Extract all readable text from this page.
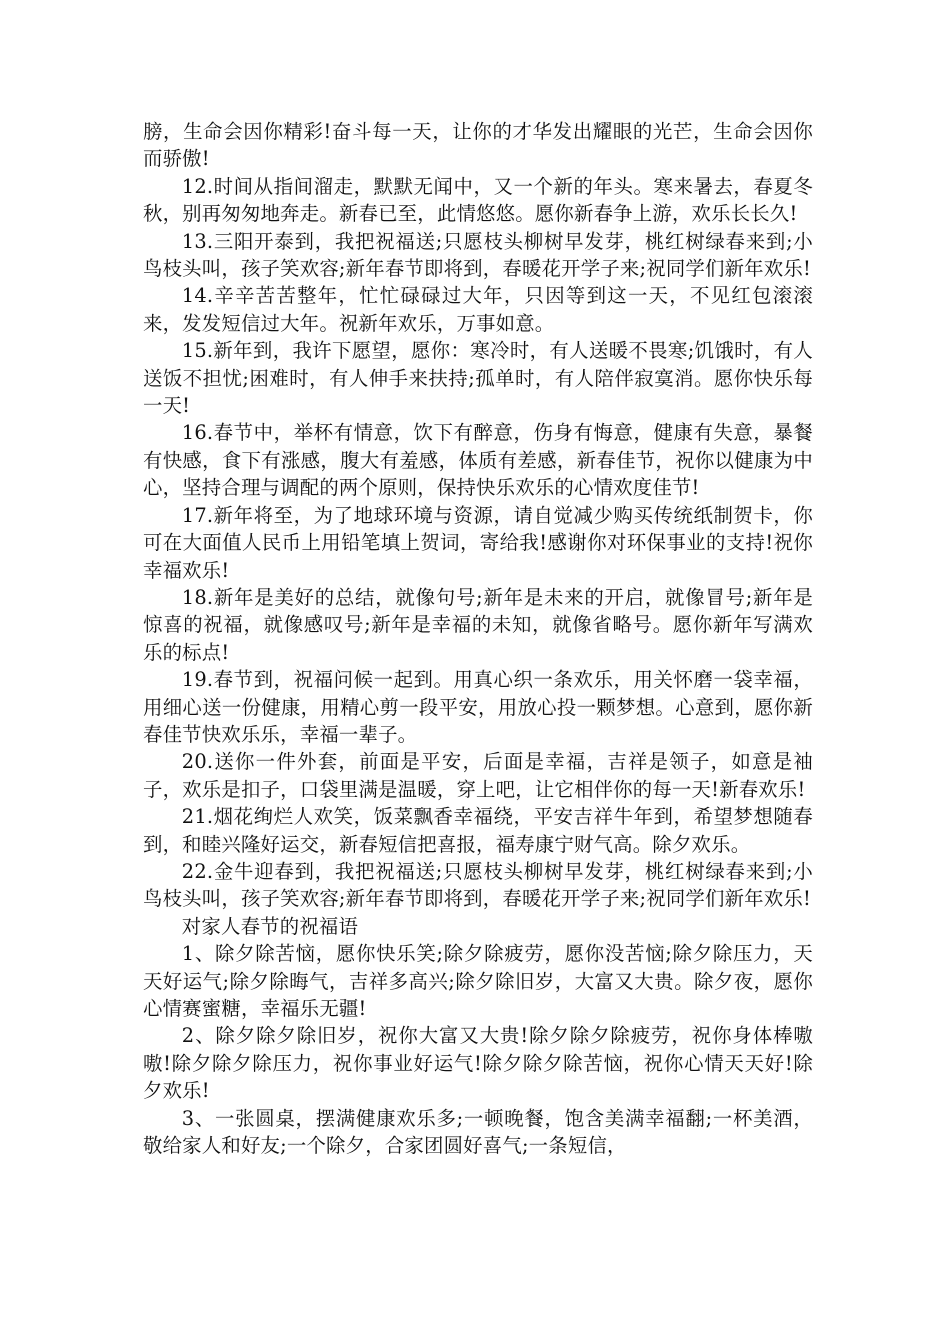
膀，生命会因你精彩!奋斗每一天，让你的才华发出耀眼的光芒，生命会因你而骄傲!

12.时间从指间溜走，默默无闻中，又一个新的年头。寒来暑去，春夏冬秋，别再匆匆地奔走。新春已至，此情悠悠。愿你新春争上游，欢乐长长久!

13.三阳开泰到，我把祝福送;只愿枝头柳树早发芽，桃红树绿春来到;小鸟枝头叫，孩子笑欢容;新年春节即将到，春暖花开学子来;祝同学们新年欢乐!

14.辛辛苦苦整年，忙忙碌碌过大年，只因等到这一天，不见红包滚滚来，发发短信过大年。祝新年欢乐，万事如意。

15.新年到，我许下愿望，愿你：寒冷时，有人送暖不畏寒;饥饿时，有人送饭不担忧;困难时，有人伸手来扶持;孤单时，有人陪伴寂寞消。愿你快乐每一天!

16.春节中，举杯有情意，饮下有醉意，伤身有悔意，健康有失意，暴餐有快感，食下有涨感，腹大有羞感，体质有差感，新春佳节，祝你以健康为中心，坚持合理与调配的两个原则，保持快乐欢乐的心情欢度佳节!

17.新年将至，为了地球环境与资源，请自觉减少购买传统纸制贺卡，你可在大面值人民币上用铅笔填上贺词，寄给我!感谢你对环保事业的支持!祝你幸福欢乐!

18.新年是美好的总结，就像句号;新年是未来的开启，就像冒号;新年是惊喜的祝福，就像感叹号;新年是幸福的未知，就像省略号。愿你新年写满欢乐的标点!

19.春节到，祝福问候一起到。用真心织一条欢乐，用关怀磨一袋幸福，用细心送一份健康，用精心剪一段平安，用放心投一颗梦想。心意到，愿你新春佳节快欢乐乐，幸福一辈子。

20.送你一件外套，前面是平安，后面是幸福，吉祥是领子，如意是袖子，欢乐是扣子，口袋里满是温暖，穿上吧，让它相伴你的每一天!新春欢乐!

21.烟花绚烂人欢笑，饭菜飘香幸福绕，平安吉祥牛年到，希望梦想随春到，和睦兴隆好运交，新春短信把喜报，福寿康宁财气高。除夕欢乐。

22.金牛迎春到，我把祝福送;只愿枝头柳树早发芽，桃红树绿春来到;小鸟枝头叫，孩子笑欢容;新年春节即将到，春暖花开学子来;祝同学们新年欢乐!

对家人春节的祝福语

1、除夕除苦恼，愿你快乐笑;除夕除疲劳，愿你没苦恼;除夕除压力，天天好运气;除夕除晦气，吉祥多高兴;除夕除旧岁，大富又大贵。除夕夜，愿你心情赛蜜糖，幸福乐无疆!

2、除夕除夕除旧岁，祝你大富又大贵!除夕除夕除疲劳，祝你身体棒嗷嗷!除夕除夕除压力，祝你事业好运气!除夕除夕除苦恼，祝你心情天天好!除夕欢乐!

3、一张圆桌，摆满健康欢乐多;一顿晚餐，饱含美满幸福翻;一杯美酒，敬给家人和好友;一个除夕，合家团圆好喜气;一条短信，
